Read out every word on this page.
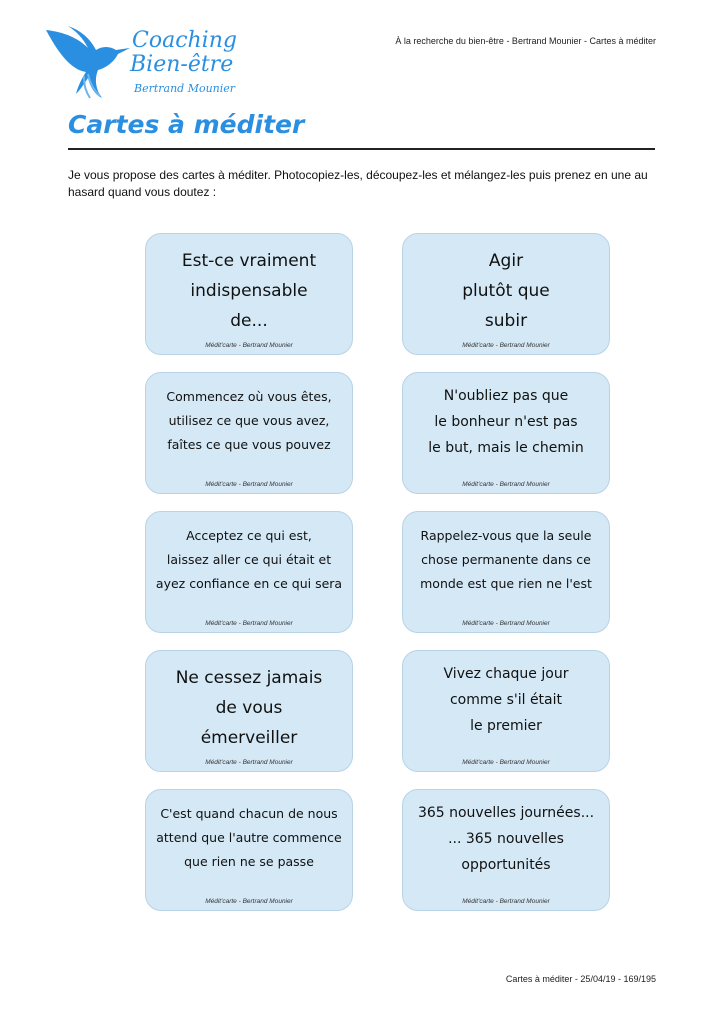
Coaching
Bien-être
Bertrand Mounier
À la recherche du bien-être - Bertrand Mounier - Cartes à méditer
Cartes à méditer
Je vous propose des cartes à méditer. Photocopiez-les, découpez-les et mélangez-les puis prenez en une au hasard quand vous doutez :
Est-ce vraiment
indispensable
de...
Médit'carte - Bertrand Mounier
Agir
plutôt que
subir
Médit'carte - Bertrand Mounier
Commencez où vous êtes,
utilisez ce que vous avez,
faîtes ce que vous pouvez
Médit'carte - Bertrand Mounier
N'oubliez pas que
le bonheur n'est pas
le but, mais le chemin
Médit'carte - Bertrand Mounier
Acceptez ce qui est,
laissez aller ce qui était et
ayez confiance en ce qui sera
Médit'carte - Bertrand Mounier
Rappelez-vous que la seule
chose permanente dans ce
monde est que rien ne l'est
Médit'carte - Bertrand Mounier
Ne cessez jamais
de vous
émerveiller
Médit'carte - Bertrand Mounier
Vivez chaque jour
comme s'il était
le premier
Médit'carte - Bertrand Mounier
C'est quand chacun de nous
attend que l'autre commence
que rien ne se passe
Médit'carte - Bertrand Mounier
365 nouvelles journées...
... 365 nouvelles
opportunités
Médit'carte - Bertrand Mounier
Cartes à méditer - 25/04/19 - 169/195
